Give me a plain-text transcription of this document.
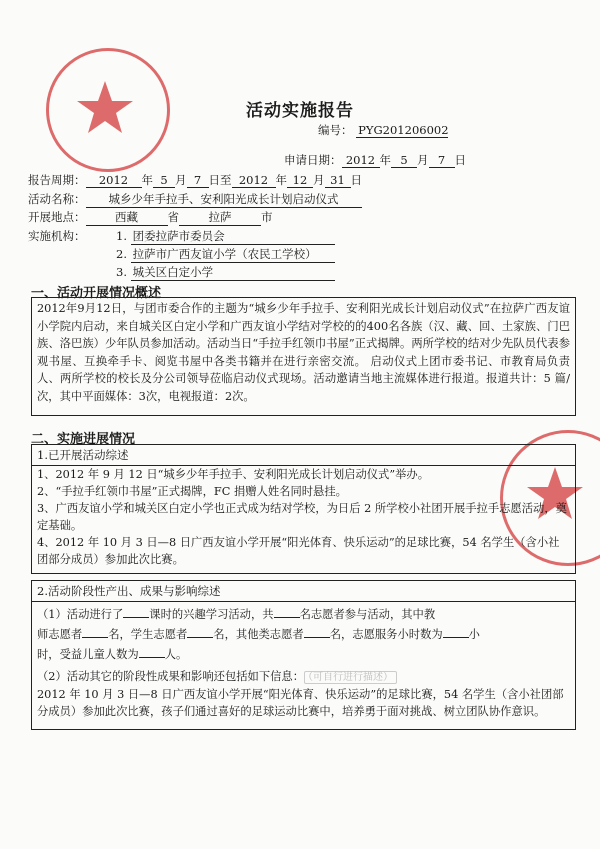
活动实施报告
编号： PYG201206002
申请日期： 2012 年 5 月 7 日
报告周期： 2012 年 5 月 7 日至 2012 年 12 月 31 日
活动名称： 城乡少年手拉手、安利阳光成长计划启动仪式
开展地点：	西藏	省	拉萨	市
实施机构：	1. 团委拉萨市委员会
2. 拉萨市广西友谊小学（农民工学校）
3. 城关区白定小学
一、活动开展情况概述
2012年9月12日，与团市委合作的主题为“城乡少年手拉手、安利阳光成长计划启动仪式”在拉萨广西友谊小学院内启动，来自城关区白定小学和广西友谊小学结对学校的的400名各族（汉、藏、回、土家族、门巴族、洛巴族）少年队员参加活动。活动当日“手拉手红领巾书屋”正式揭牌。两所学校的结对少先队员代表参观书屋、互换牵手卡、阅览书屋中各类书籍并在进行亲密交流。 启动仪式上团市委书记、市教育局负责人、两所学校的校长及分公司领导莅临启动仪式现场。活动邀请当地主流媒体进行报道。报道共计：5 篇/次，其中平面媒体：3次，电视报道：2次。
二、实施进展情况
1.已开展活动综述
1、2012 年 9 月 12 日“城乡少年手拉手、安利阳光成长计划启动仪式”举办。
2、“手拉手红领巾书屋”正式揭牌，FC 捐赠人姓名同时悬挂。
3、广西友谊小学和城关区白定小学也正式成为结对学校，为日后 2 所学校小社团开展手拉手志愿活动，奠定基础。
4、2012 年 10 月 3 日—8 日广西友谊小学开展“阳光体育、快乐运动”的足球比赛，54 名学生（含小社团部分成员）参加此次比赛。
2.活动阶段性产出、成果与影响综述
（1）活动进行了 课时的兴趣学习活动，共 名志愿者参与活动，其中教
师志愿者 名，学生志愿者 名，其他类志愿者 名，志愿服务小时数为 小
时，受益儿童人数为 人。
（2）活动其它的阶段性成果和影响还包括如下信息： （可自行进行描述）
2012 年 10 月 3 日—8 日广西友谊小学开展“阳光体育、快乐运动”的足球比赛，54 名学生（含小社团部分成员）参加此次比赛，孩子们通过喜好的足球运动比赛中，培养勇于面对挑战、树立团队协作意识。
